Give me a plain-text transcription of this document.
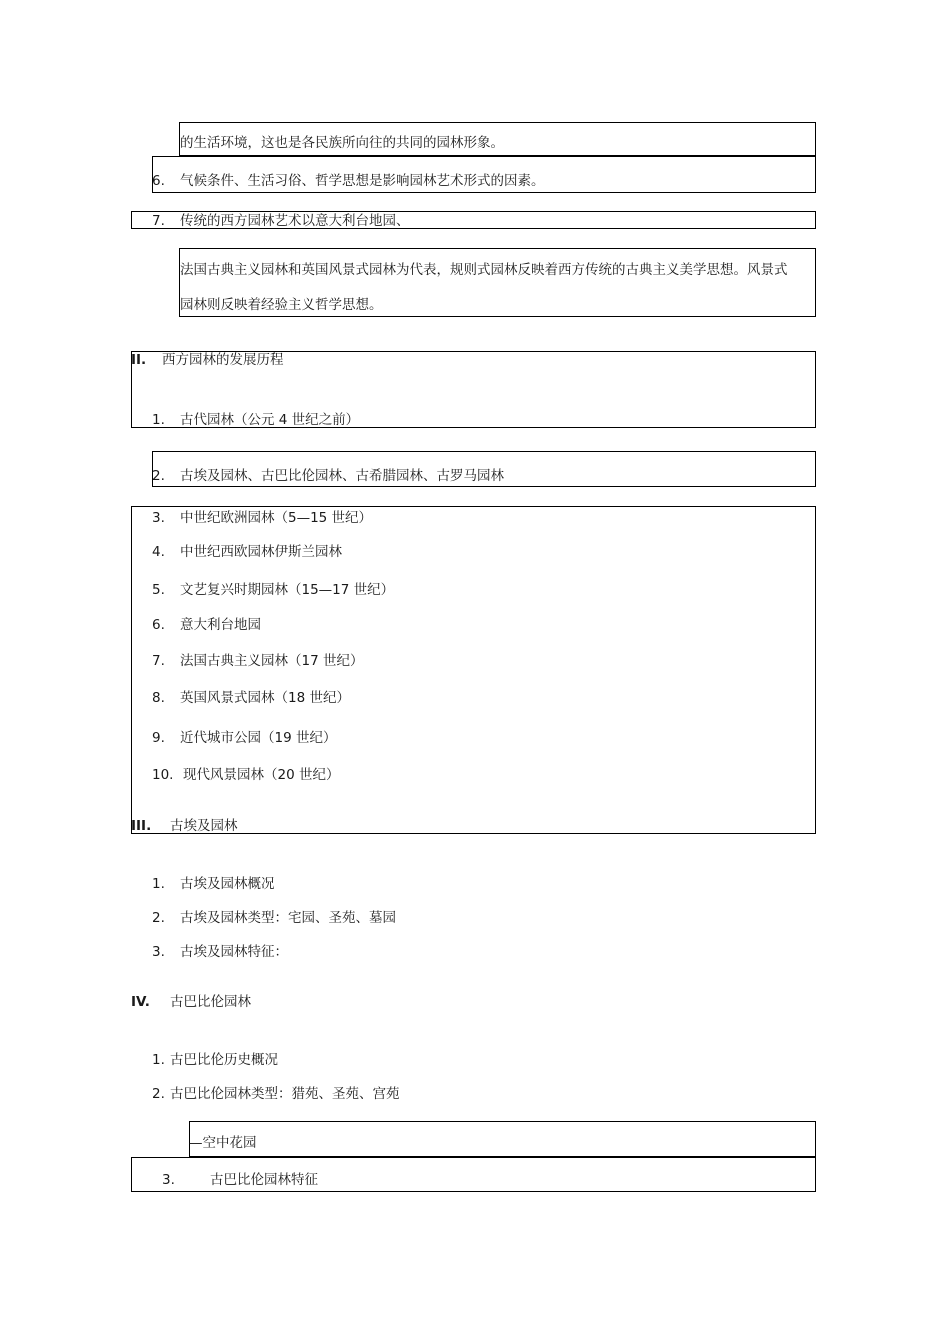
的生活环境，这也是各民族所向往的共同的园林形象。
6. 气候条件、生活习俗、哲学思想是影响园林艺术形式的因素。
7. 传统的西方园林艺术以意大利台地园、
法国古典主义园林和英国风景式园林为代表，规则式园林反映着西方传统的古典主义美学思想。风景式
园林则反映着经验主义哲学思想。
II. 西方园林的发展历程
1. 古代园林（公元 4 世纪之前）
2. 古埃及园林、古巴比伦园林、古希腊园林、古罗马园林
3. 中世纪欧洲园林（5—15 世纪）
4. 中世纪西欧园林伊斯兰园林
5. 文艺复兴时期园林（15—17 世纪）
6. 意大利台地园
7. 法国古典主义园林（17 世纪）
8. 英国风景式园林（18 世纪）
9. 近代城市公园（19 世纪）
10. 现代风景园林（20 世纪）
III. 古埃及园林
1. 古埃及园林概况
2. 古埃及园林类型：宅园、圣苑、墓园
3. 古埃及园林特征：
IV. 古巴比伦园林
1. 古巴比伦历史概况
2. 古巴比伦园林类型：猎苑、圣苑、宫苑
—空中花园
3.	古巴比伦园林特征
